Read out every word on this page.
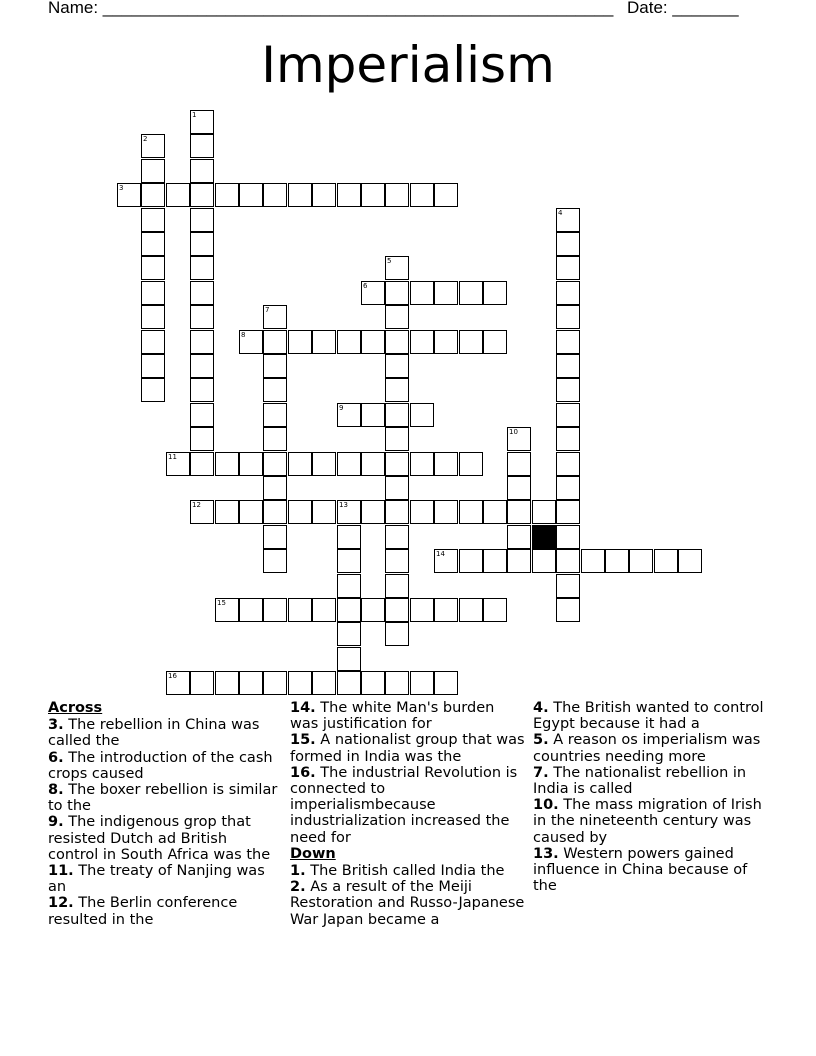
Name: ______________________________________________________ Date: _______
Imperialism
1
2
3
4
5
6
7
8
9
10
11
12	13
14
15
16
Across
3. The rebellion in China was called the
6. The introduction of the cash crops caused
8. The boxer rebellion is similar to the
9. The indigenous grop that resisted Dutch ad British control in South Africa was the
11. The treaty of Nanjing was an
12. The Berlin conference resulted in the
14. The white Man's burden was justification for
15. A nationalist group that was formed in India was the
16. The industrial Revolution is connected to imperialismbecause industrialization increased the need for
Down
1. The British called India the
2. As a result of the Meiji Restoration and Russo-Japanese War Japan became a
4. The British wanted to control Egypt because it had a
5. A reason os imperialism was countries needing more
7. The nationalist rebellion in India is called
10. The mass migration of Irish in the nineteenth century was caused by
13. Western powers gained influence in China because of the
